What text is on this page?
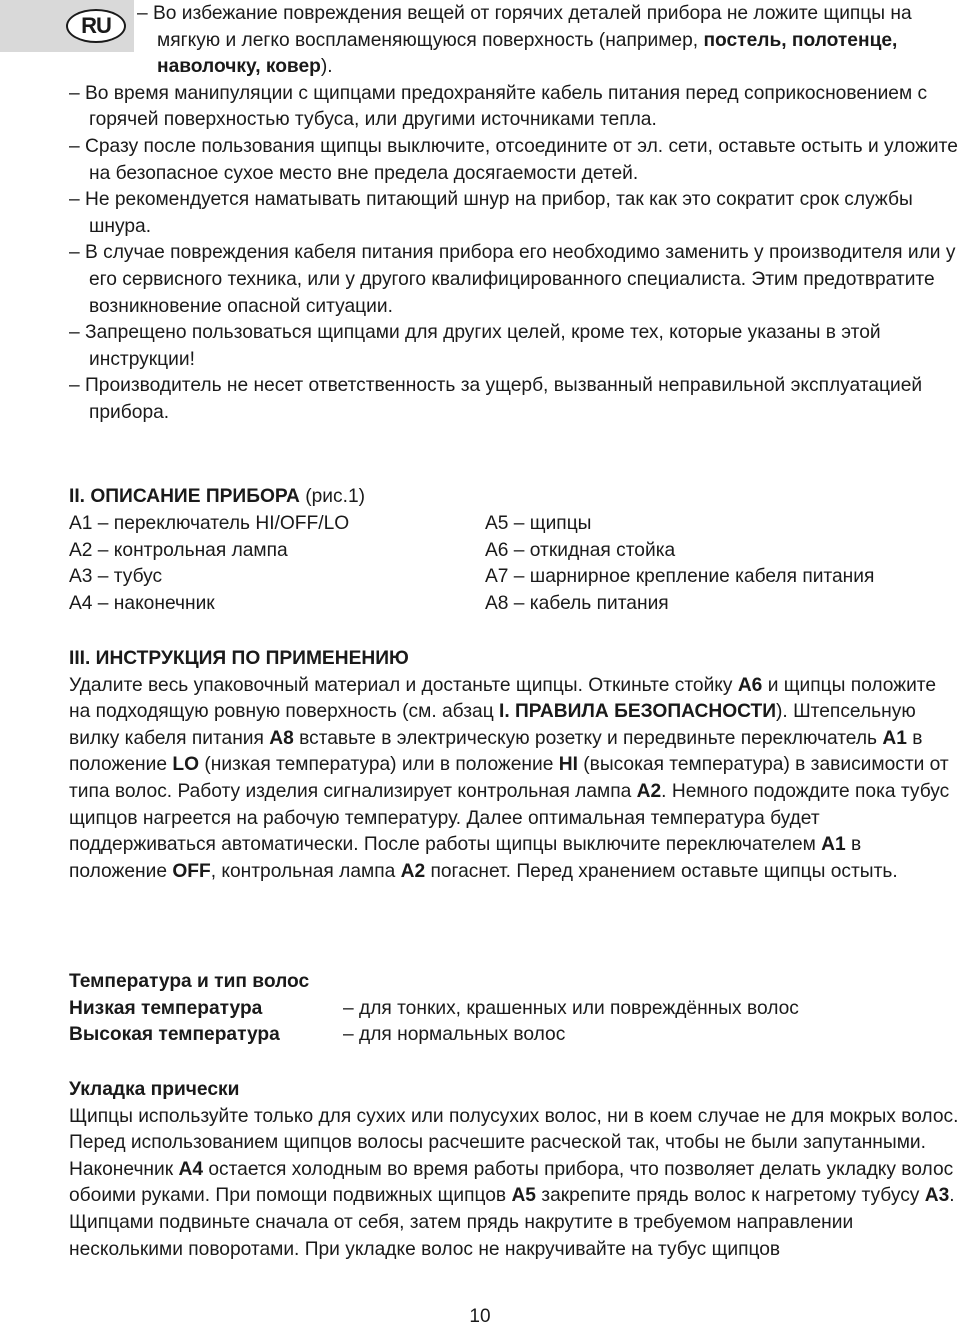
RU	– Во избежание повреждения вещей от горячих деталей прибора не ложите щипцы на мягкую и легко воспламеняющуюся поверхность (например, постель, полотенце, наволочку, ковер).
– Во время манипуляции с щипцами предохраняйте кабель питания перед соприкосновением с горячей поверхностью тубуса, или другими источниками тепла.
– Сразу после пользования щипцы выключите, отсоедините от эл. сети, оставьте остыть и уложите на безопасное сухое место вне предела досягаемости детей.
– Не рекомендуется наматывать питающий шнур на прибор, так как это сократит срок службы шнура.
– В случае повреждения кабеля питания прибора его необходимо заменить у производителя или у его сервисного техника, или у другого квалифицированного специалиста. Этим предотвратите возникновение опасной ситуации.
– Запрещено пользоваться щипцами для других целей, кроме тех, которые указаны в этой инструкции!
– Производитель не несет ответственность за ущерб, вызванный неправильной эксплуатацией прибора.
II. ОПИСАНИЕ ПРИБОРА (рис.1)
A1 – переключатель HI/OFF/LO
A2 – контрольная лампа
A3 – тубус
A4 – наконечник
A5 – щипцы
A6 – откидная стойка
A7 – шарнирное крепление кабеля питания
A8 – кабель питания
III. ИНСТРУКЦИЯ ПО ПРИМЕНЕНИЮ
Удалите весь упаковочный материал и достаньте щипцы. Откиньте стойку A6 и щипцы положите на подходящую ровную поверхность (см. абзац I. ПРАВИЛА БЕЗОПАСНОСТИ). Штепсельную вилку кабеля питания A8 вставьте в электрическую розетку и передвиньте переключатель A1 в положение LO (низкая температура) или в положение HI (высокая температура) в зависимости от типа волос. Работу изделия сигнализирует контрольная лампа A2. Немного подождите пока тубус щипцов нагреется на рабочую температуру. Далее оптимальная температура будет поддерживаться автоматически. После работы щипцы выключите переключателем A1 в положение OFF, контрольная лампа A2 погаснет. Перед хранением оставьте щипцы остыть.
Температура и тип волос
Низкая температура	– для тонких, крашенных или повреждённых волос
Высокая температура	– для нормальных волос
Укладка прически
Щипцы используйте только для сухих или полусухих волос, ни в коем случае не для мокрых волос. Перед использованием щипцов волосы расчешите расческой так, чтобы не были запутанными. Наконечник A4 остается холодным во время работы прибора, что позволяет делать укладку волос обоими руками. При помощи подвижных щипцов A5 закрепите прядь волос к нагретому тубусу A3. Щипцами подвиньте сначала от себя, затем прядь накрутите в требуемом направлении несколькими поворотами. При укладке волос не накручивайте на тубус щипцов
10
